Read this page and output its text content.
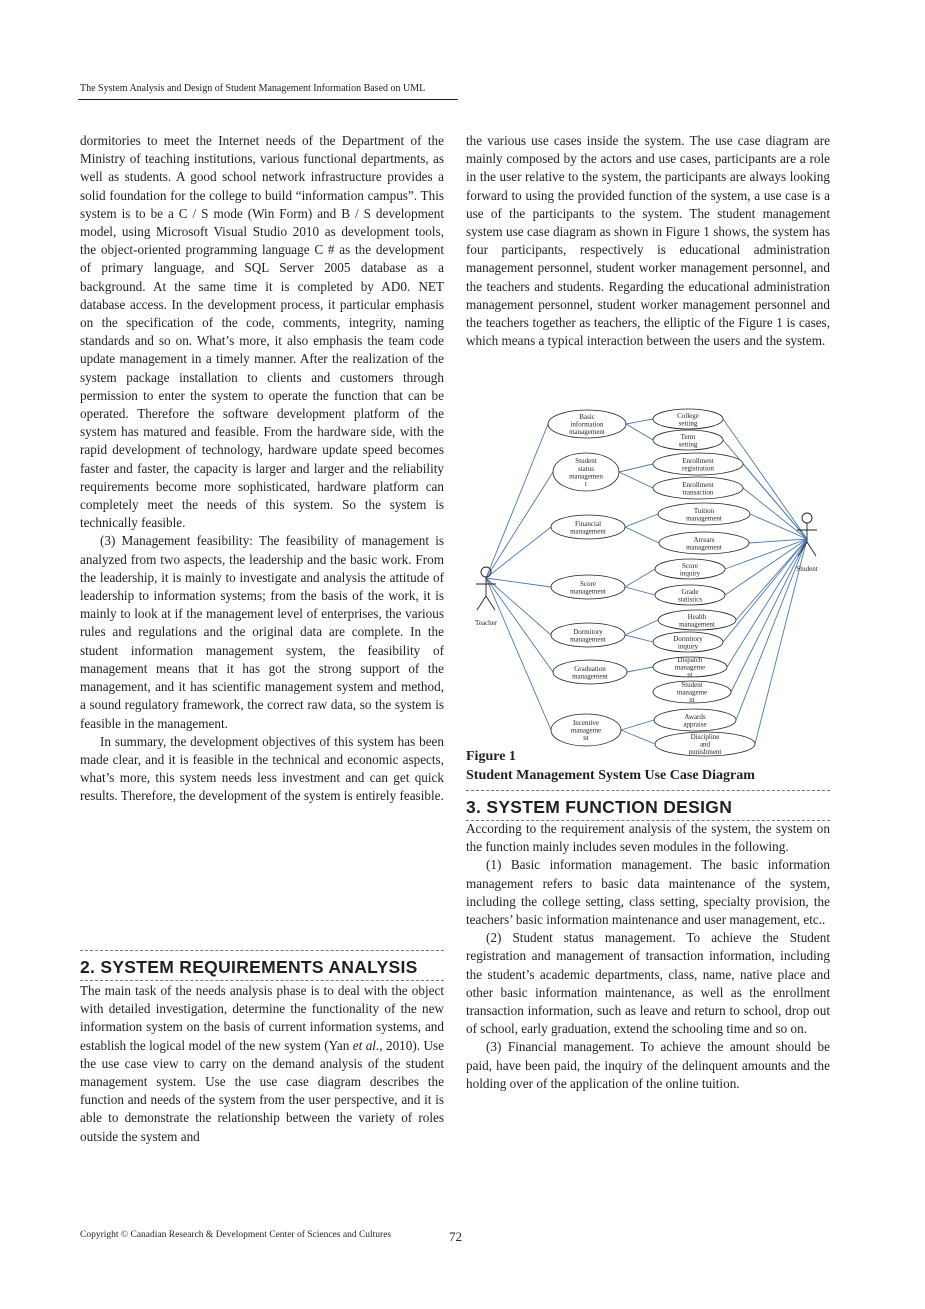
The System Analysis and Design of Student Management Information Based on UML

dormitories to meet the Internet needs of the Department of the Ministry of teaching institutions, various functional departments, as well as students. A good school network infrastructure provides a solid foundation for the college to build “information campus”. This system is to be a C / S mode (Win Form) and B / S development model, using Microsoft Visual Studio 2010 as development tools, the object-oriented programming language C # as the development of primary language, and SQL Server 2005 database as a background. At the same time it is completed by AD0. NET database access. In the development process, it particular emphasis on the specification of the code, comments, integrity, naming standards and so on. What’s more, it also emphasis the team code update management in a timely manner. After the realization of the system package installation to clients and customers through permission to enter the system to operate the function that can be operated. Therefore the software development platform of the system has matured and feasible. From the hardware side, with the rapid development of technology, hardware update speed becomes faster and faster, the capacity is larger and larger and the reliability requirements become more sophisticated, hardware platform can completely meet the needs of this system. So the system is technically feasible.

(3) Management feasibility: The feasibility of management is analyzed from two aspects, the leadership and the basic work. From the leadership, it is mainly to investigate and analysis the attitude of leadership to information systems; from the basis of the work, it is mainly to look at if the management level of enterprises, the various rules and regulations and the original data are complete. In the student information management system, the feasibility of management means that it has got the strong support of the management, and it has scientific management system and method, a sound regulatory framework, the correct raw data, so the system is feasible in the management.

In summary, the development objectives of this system has been made clear, and it is feasible in the technical and economic aspects, what’s more, this system needs less investment and can get quick results. Therefore, the development of the system is entirely feasible.

2. SYSTEM REQUIREMENTS ANALYSIS

The main task of the needs analysis phase is to deal with the object with detailed investigation, determine the functionality of the new information system on the basis of current information systems, and establish the logical model of the new system (Yan et al., 2010). Use the use case view to carry on the demand analysis of the student management system. Use the use case diagram describes the function and needs of the system from the user perspective, and it is able to demonstrate the relationship between the variety of roles outside the system and

the various use cases inside the system. The use case diagram are mainly composed by the actors and use cases, participants are a role in the user relative to the system, the participants are always looking forward to using the provided function of the system, a use case is a use of the participants to the system. The student management system use case diagram as shown in Figure 1 shows, the system has four participants, respectively is educational administration management personnel, student worker management personnel, and the teachers and students. Regarding the educational administration management personnel, student worker management personnel and the teachers together as teachers, the elliptic of the Figure 1 is cases, which means a typical interaction between the users and the system.

Basic
information
management
Student
status
managemen
t
Financial
management
Score
management
Dormitory
management
Graduation
management
Incentive
manageme
nt
College
setting
Term
setting
Enrollment
registration
Enrollment
transaction
Tuition
management
Arrears
management
Score
inquiry
Grade
statistics
Health
management
Dormitory
inquiry
Dispatch
manageme
nt
Student
manageme
nt
Awards
appraise
Discipline
and
punishment
Teacher
Student
Figure 1
Student Management System Use Case Diagram
3. SYSTEM FUNCTION DESIGN

According to the requirement analysis of the system, the system on the function mainly includes seven modules in the following.

(1) Basic information management. The basic information management refers to basic data maintenance of the system, including the college setting, class setting, specialty provision, the teachers’ basic information maintenance and user management, etc..

(2) Student status management. To achieve the Student registration and management of transaction information, including the student’s academic departments, class, name, native place and other basic information maintenance, as well as the enrollment transaction information, such as leave and return to school, drop out of school, early graduation, extend the schooling time and so on.

(3) Financial management. To achieve the amount should be paid, have been paid, the inquiry of the delinquent amounts and the holding over of the application of the online tuition.

Copyright © Canadian Research & Development Center of Sciences and Cultures	72
